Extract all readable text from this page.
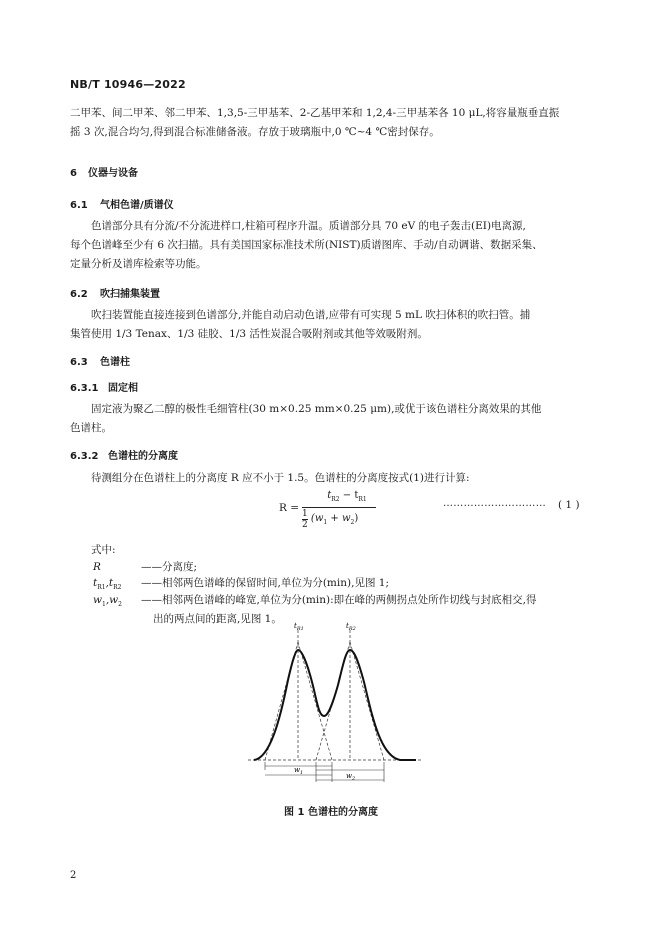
NB/T 10946—2022
二甲苯、间二甲苯、邻二甲苯、1,3,5-三甲基苯、2-乙基甲苯和 1,2,4-三甲基苯各 10 μL,将容量瓶垂直振
摇 3 次,混合均匀,得到混合标准储备液。存放于玻璃瓶中,0 ℃~4 ℃密封保存。
6 仪器与设备
6.1 气相色谱/质谱仪
色谱部分具有分流/不分流进样口,柱箱可程序升温。质谱部分具 70 eV 的电子轰击(EI)电离源,
每个色谱峰至少有 6 次扫描。具有美国国家标准技术所(NIST)质谱图库、手动/自动调谐、数据采集、
定量分析及谱库检索等功能。
6.2 吹扫捕集装置
吹扫装置能直接连接到色谱部分,并能自动启动色谱,应带有可实现 5 mL 吹扫体积的吹扫管。捕
集管使用 1/3 Tenax、1/3 硅胶、1/3 活性炭混合吸附剂或其他等效吸附剂。
6.3 色谱柱
6.3.1 固定相
固定液为聚乙二醇的极性毛细管柱(30 m×0.25 mm×0.25 μm),或优于该色谱柱分离效果的其他
色谱柱。
6.3.2 色谱柱的分离度
待测组分在色谱柱上的分离度 R 应不小于 1.5。色谱柱的分离度按式(1)进行计算:
R =
$t_{R2} - t_{R1}$
$\frac{1}{2} (w_1 + w_2)$
………………………… ( 1 )
式中:
R	——分离度;
$t_{R1},t_{R2}$ ——相邻两色谱峰的保留时间,单位为分(min),见图 1;
$w_1,w_2$ ——相邻两色谱峰的峰宽,单位为分(min):即在峰的两侧拐点处所作切线与封底相交,得
出的两点间的距离,见图 1。
$t_{R1}$	$t_{R2}$
$w_1$	$w_2$
图 1 色谱柱的分离度
2
